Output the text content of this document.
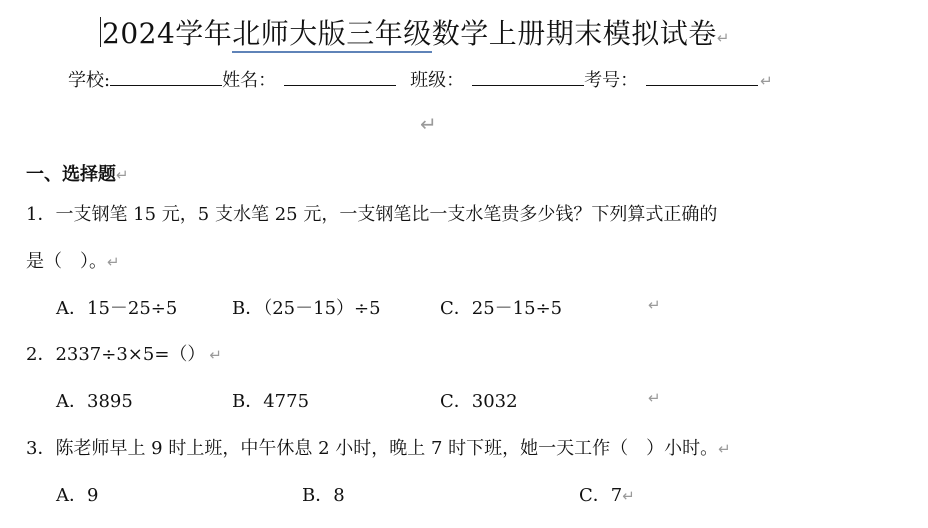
2024学年北师大版三年级数学上册期末模拟试卷↵
学校:	姓名：	班级：	考号：	↵
↵
一、选择题↵
1．一支钢笔 15 元，5 支水笔 25 元，一支钢笔比一支水笔贵多少钱？下列算式正确的
是（　）。↵
A．15－25÷5	B．（25－15）÷5	C．25－15÷5	↵
2．2337÷3×5=（） ↵
A．3895	B．4775	C．3032	↵
3．陈老师早上 9 时上班，中午休息 2 小时，晚上 7 时下班，她一天工作（　）小时。↵
A．9	B．8	C．7↵
